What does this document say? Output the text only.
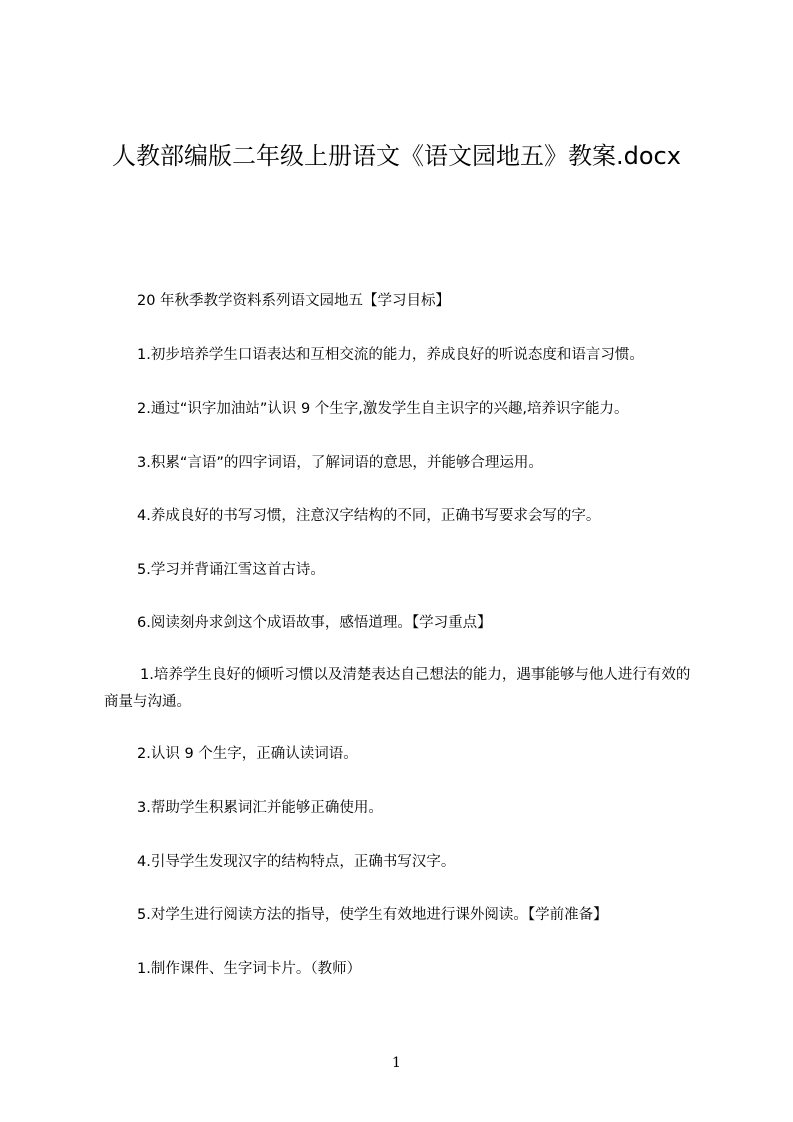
人教部编版二年级上册语文《语文园地五》教案.docx
20 年秋季教学资料系列语文园地五【学习目标】
1.初步培养学生口语表达和互相交流的能力，养成良好的听说态度和语言习惯。
2.通过“识字加油站”认识 9 个生字,激发学生自主识字的兴趣,培养识字能力。
3.积累“言语”的四字词语，了解词语的意思，并能够合理运用。
4.养成良好的书写习惯，注意汉字结构的不同，正确书写要求会写的字。
5.学习并背诵江雪这首古诗。
6.阅读刻舟求剑这个成语故事，感悟道理。【学习重点】
1.培养学生良好的倾听习惯以及清楚表达自己想法的能力，遇事能够与他人进行有效的商量与沟通。
2.认识 9 个生字，正确认读词语。
3.帮助学生积累词汇并能够正确使用。
4.引导学生发现汉字的结构特点，正确书写汉字。
5.对学生进行阅读方法的指导，使学生有效地进行课外阅读。【学前准备】
1.制作课件、生字词卡片。（教师）
1
